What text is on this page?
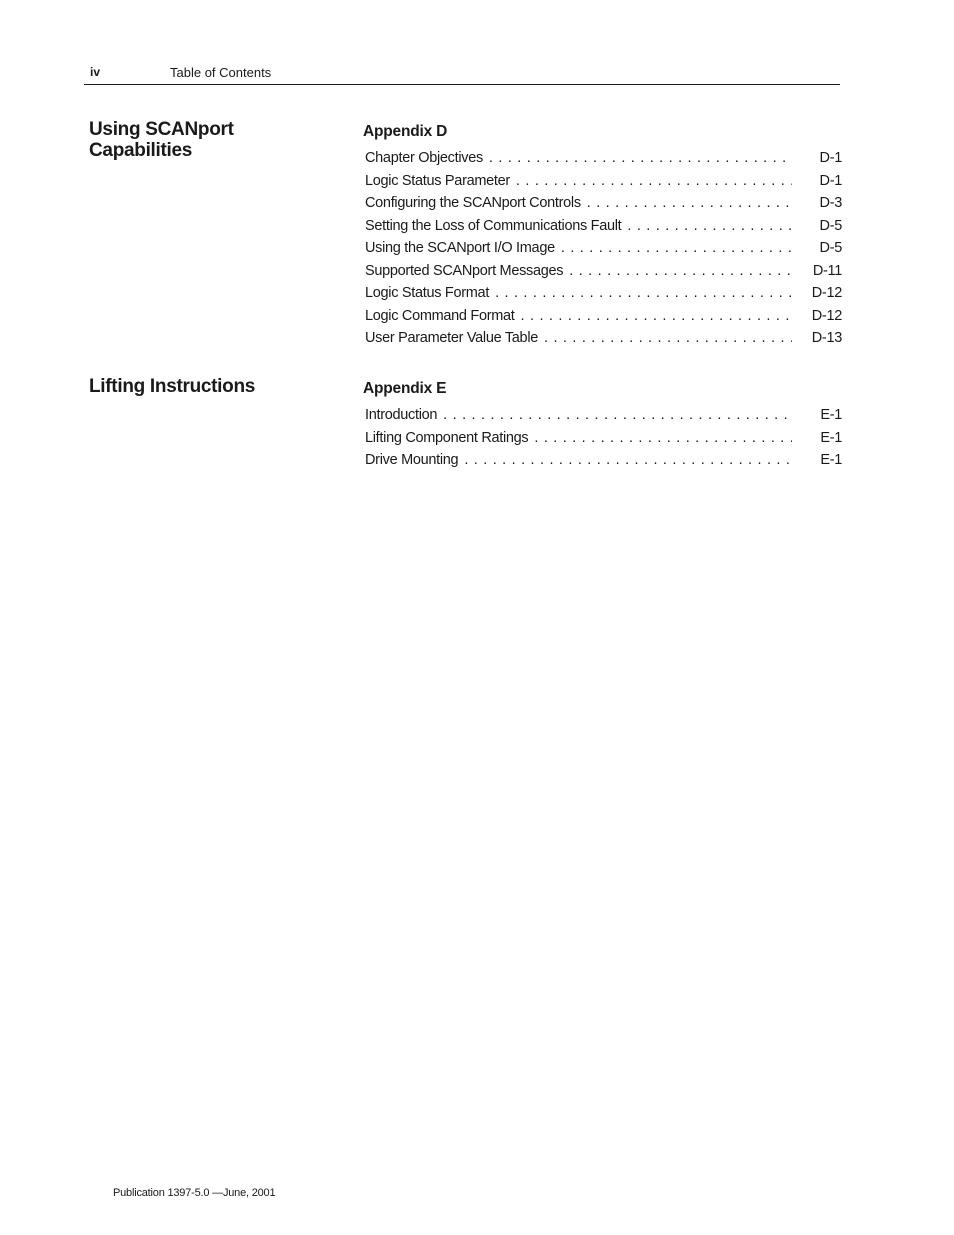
iv	Table of Contents
Using SCANport Capabilities
Appendix D
Chapter Objectives . . .	D-1
Logic Status Parameter . . .	D-1
Configuring the SCANport Controls . . .	D-3
Setting the Loss of Communications Fault . . .	D-5
Using the SCANport I/O Image . . .	D-5
Supported SCANport Messages . . .	D-11
Logic Status Format . . .	D-12
Logic Command Format . . .	D-12
User Parameter Value Table . . .	D-13
Lifting Instructions	Appendix E
Introduction . . .	E-1
Lifting Component Ratings . . .	E-1
Drive Mounting . . .	E-1
Publication 1397-5.0 —June, 2001
